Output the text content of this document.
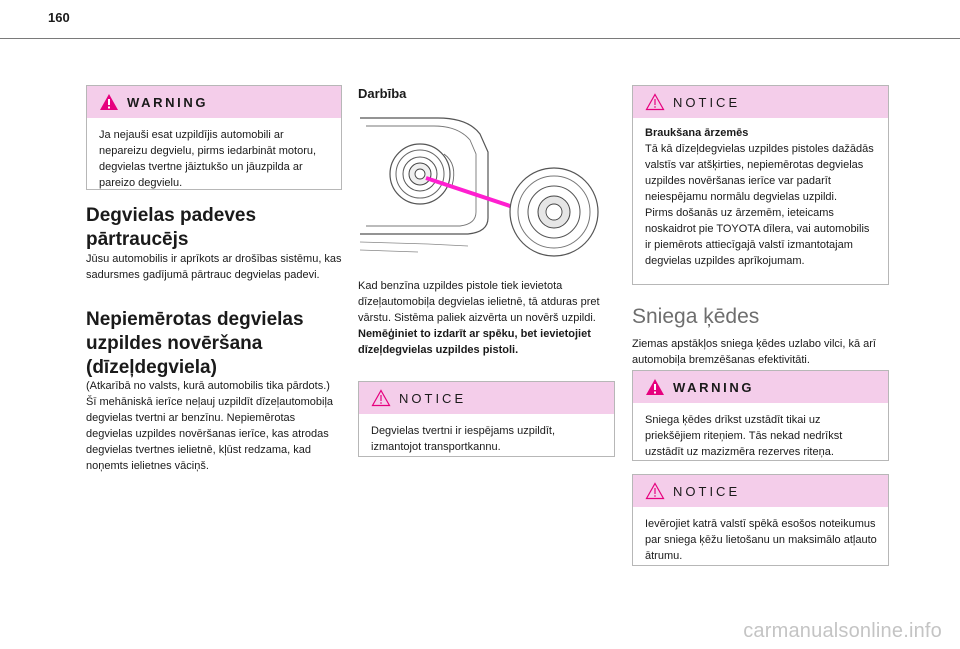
160
WARNING
Ja nejauši esat uzpildījis automobili ar nepareizu degvielu, pirms iedarbināt motoru, degvielas tvertne jāiztukšo un jāuzpilda ar pareizo degvielu.
Degvielas padeves
pārtraucējs
Jūsu automobilis ir aprīkots ar drošības sistēmu, kas sadursmes gadījumā pārtrauc degvielas padevi.
Nepiemērotas degvielas
uzpildes novēršana
(dīzeļdegviela)
(Atkarībā no valsts, kurā automobilis tika pārdots.)
Šī mehāniskā ierīce neļauj uzpildīt dīzeļautomobiļa degvielas tvertni ar benzīnu. Nepiemērotas degvielas uzpildes novēršanas ierīce, kas atrodas degvielas tvertnes ielietnē, kļūst redzama, kad noņemts ielietnes vāciņš.
Darbība
Kad benzīna uzpildes pistole tiek ievietota dīzeļautomobiļa degvielas ielietnē, tā atduras pret vārstu. Sistēma paliek aizvērta un novērš uzpildi.
Nemēģiniet to izdarīt ar spēku, bet ievietojiet dīzeļdegvielas uzpildes pistoli.
NOTICE
Degvielas tvertni ir iespējams uzpildīt, izmantojot transportkannu.
NOTICE
Braukšana ārzemēs
Tā kā dīzeļdegvielas uzpildes pistoles dažādās valstīs var atšķirties, nepiemērotas degvielas uzpildes novēršanas ierīce var padarīt neiespējamu normālu degvielas uzpildi.
Pirms došanās uz ārzemēm, ieteicams noskaidrot pie TOYOTA dīlera, vai automobilis ir piemērots attiecīgajā valstī izmantotajam degvielas uzpildes aprīkojumam.
Sniega ķēdes
Ziemas apstākļos sniega ķēdes uzlabo vilci, kā arī automobiļa bremzēšanas efektivitāti.
WARNING
Sniega ķēdes drīkst uzstādīt tikai uz priekšējiem riteņiem. Tās nekad nedrīkst uzstādīt uz mazizmēra rezerves riteņa.
NOTICE
Ievērojiet katrā valstī spēkā esošos noteikumus par sniega ķēžu lietošanu un maksimālo atļauto ātrumu.
carmanualsonline.info
